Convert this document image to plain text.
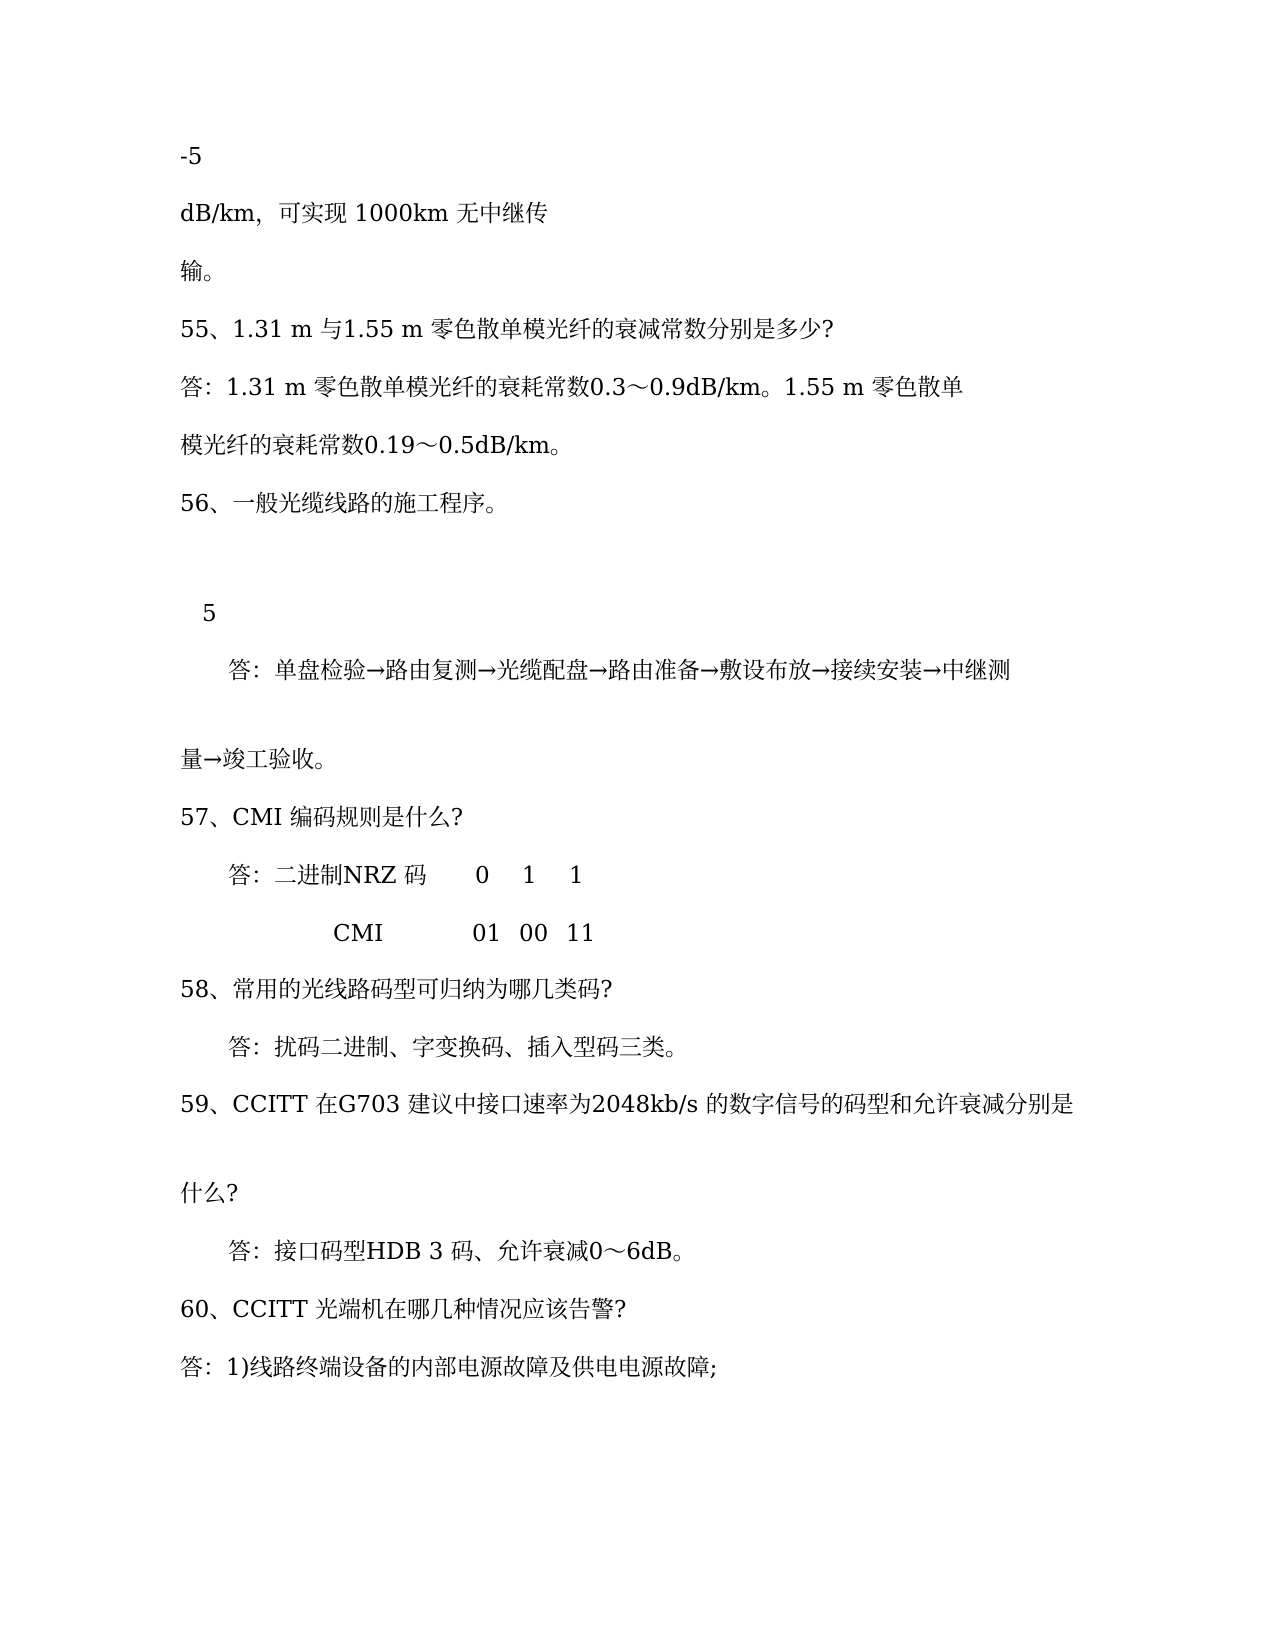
-5
dB/km，可实现 1000km 无中继传
输。
55、1.31 m 与1.55 m 零色散单模光纤的衰减常数分别是多少?
答：1.31 m 零色散单模光纤的衰耗常数0.3～0.9dB/km。1.55 m 零色散单
模光纤的衰耗常数0.19～0.5dB/km。
56、一般光缆线路的施工程序。
5
答：单盘检验→路由复测→光缆配盘→路由准备→敷设布放→接续安装→中继测
量→竣工验收。
57、CMI 编码规则是什么?
答：二进制NRZ 码 0 1 1
CMI	01 00 11
58、常用的光线路码型可归纳为哪几类码?
答：扰码二进制、字变换码、插入型码三类。
59、CCITT 在G703 建议中接口速率为2048kb/s 的数字信号的码型和允许衰减分别是
什么?
答：接口码型HDB 3 码、允许衰减0～6dB。
60、CCITT 光端机在哪几种情况应该告警?
答：1)线路终端设备的内部电源故障及供电电源故障;
